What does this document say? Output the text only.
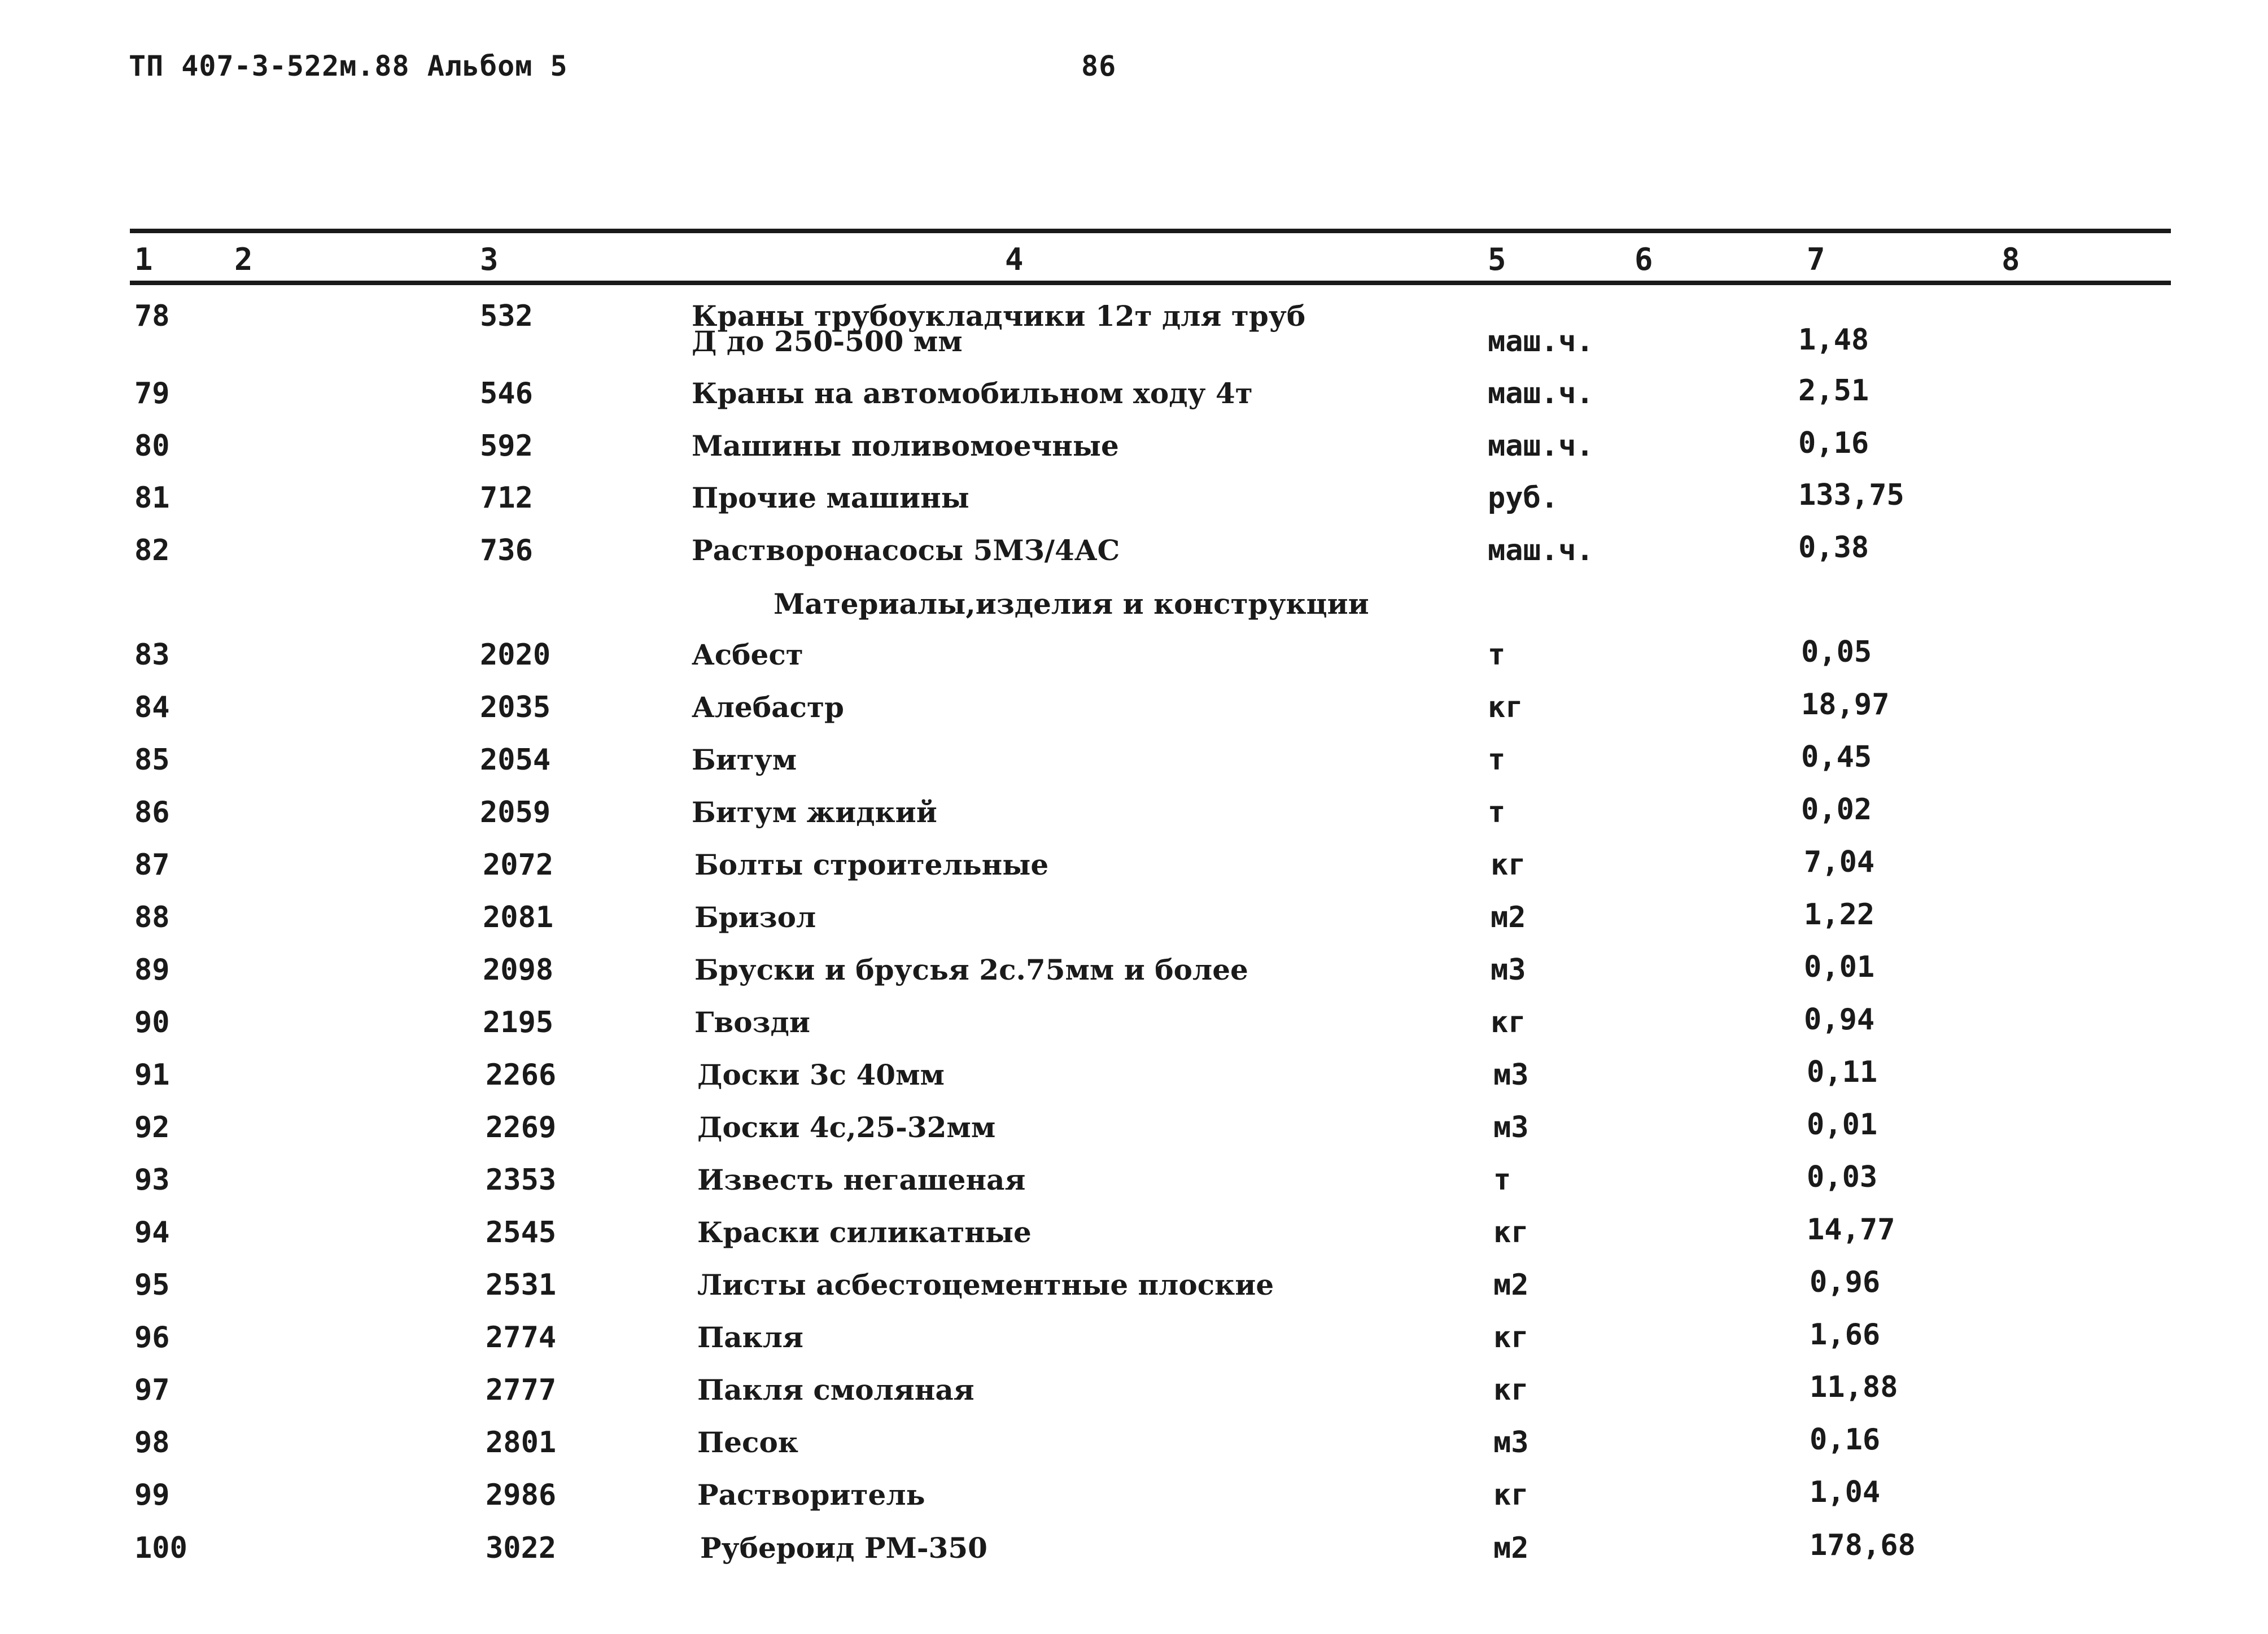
ТП 407-3-522м.88 Альбом 5	86
1	2	3	4	5	6	7	8
78	532	Краны трубоукладчики 12т для труб
Д до 250-500 мм	маш.ч.	1,48
79	546	Краны на автомобильном ходу 4т	маш.ч.	2,51
80	592	Машины поливомоечные	маш.ч.	0,16
81	712	Прочие машины	руб.	133,75
82	736	Растворонасосы 5МЗ/4АС	маш.ч.	0,38
Материалы,изделия и конструкции
83	2020	Асбест	т	0,05
84	2035	Алебастр	кг	18,97
85	2054	Битум	т	0,45
86	2059	Битум жидкий	т	0,02
87	2072	Болты строительные	кг	7,04
88	2081	Бризол	м2	1,22
89	2098	Бруски и брусья 2с.75мм и более	м3	0,01
90	2195	Гвозди	кг	0,94
91	2266	Доски 3с 40мм	м3	0,11
92	2269	Доски 4с,25-32мм	м3	0,01
93	2353	Известь негашеная	т	0,03
94	2545	Краски силикатные	кг	14,77
95	2531	Листы асбестоцементные плоские	м2	0,96
96	2774	Пакля	кг	1,66
97	2777	Пакля смоляная	кг	11,88
98	2801	Песок	м3	0,16
99	2986	Растворитель	кг	1,04
100	3022	Рубероид РМ-350	м2	178,68
